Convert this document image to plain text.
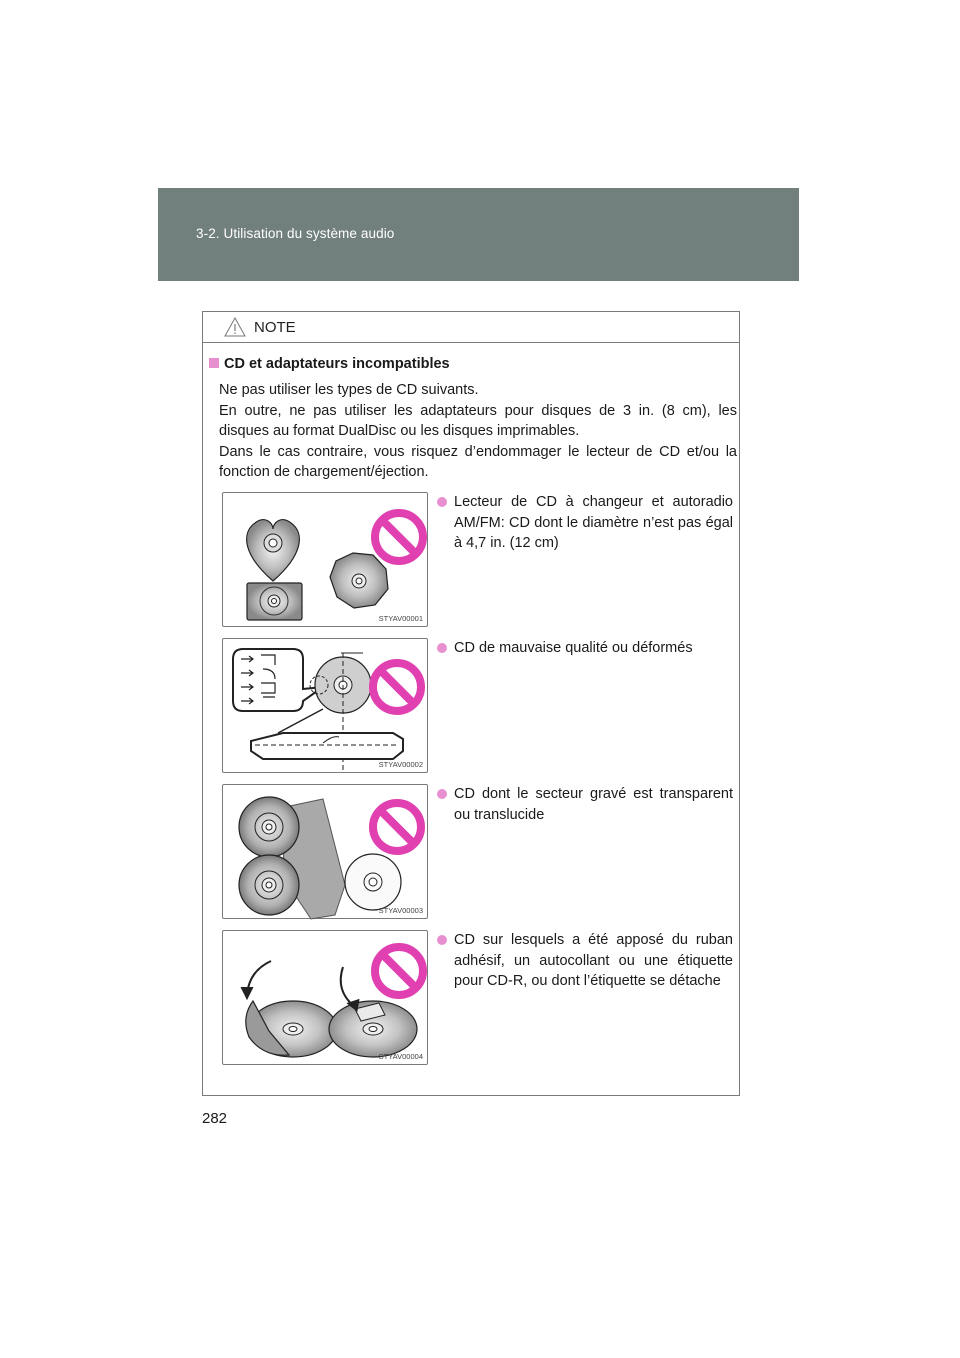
3-2. Utilisation du système audio
NOTE
CD et adaptateurs incompatibles

Ne pas utiliser les types de CD suivants.

En outre, ne pas utiliser les adaptateurs pour disques de 3 in. (8 cm), les disques au format DualDisc ou les disques imprimables.

Dans le cas contraire, vous risquez d’endommager le lecteur de CD et/ou la fonction de chargement/éjection.

STYAV00001
Lecteur de CD à changeur et autoradio AM/FM: CD dont le diamètre n’est pas égal à 4,7 in. (12 cm)
STYAV00002
CD de mauvaise qualité ou déformés
STYAV00003
CD dont le secteur gravé est transparent ou translucide
STYAV00004
CD sur lesquels a été apposé du ruban adhésif, un autocollant ou une étiquette pour CD-R, ou dont l’étiquette se détache
282
